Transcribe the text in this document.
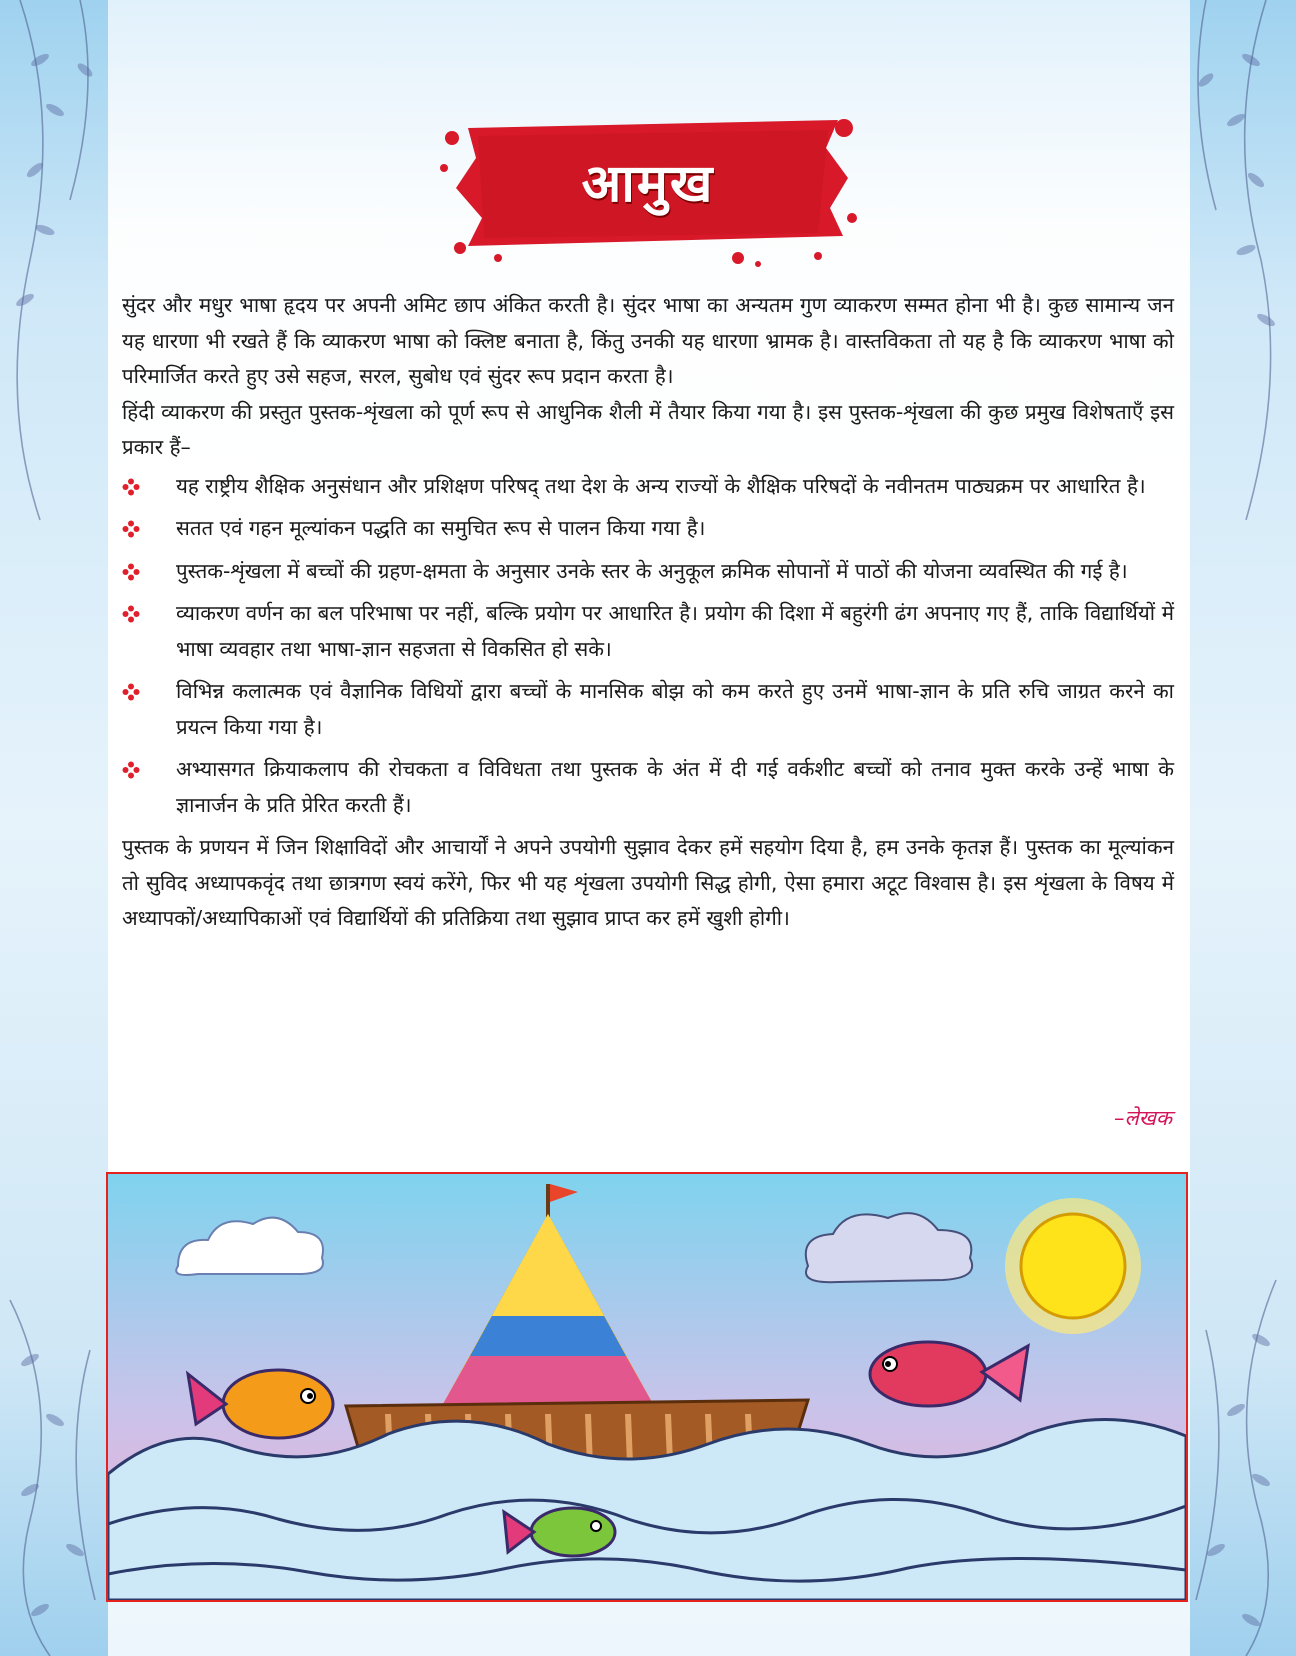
आमुख

सुंदर और मधुर भाषा हृदय पर अपनी अमिट छाप अंकित करती है। सुंदर भाषा का अन्यतम गुण व्याकरण सम्मत होना भी है। कुछ सामान्य जन यह धारणा भी रखते हैं कि व्याकरण भाषा को क्लिष्ट बनाता है, किंतु उनकी यह धारणा भ्रामक है। वास्तविकता तो यह है कि व्याकरण भाषा को परिमार्जित करते हुए उसे सहज, सरल, सुबोध एवं सुंदर रूप प्रदान करता है।

हिंदी व्याकरण की प्रस्तुत पुस्तक-शृंखला को पूर्ण रूप से आधुनिक शैली में तैयार किया गया है। इस पुस्तक-शृंखला की कुछ प्रमुख विशेषताएँ इस प्रकार हैं–

यह राष्ट्रीय शैक्षिक अनुसंधान और प्रशिक्षण परिषद् तथा देश के अन्य राज्यों के शैक्षिक परिषदों के नवीनतम पाठ्यक्रम पर आधारित है।
सतत एवं गहन मूल्यांकन पद्धति का समुचित रूप से पालन किया गया है।
पुस्तक-शृंखला में बच्चों की ग्रहण-क्षमता के अनुसार उनके स्तर के अनुकूल क्रमिक सोपानों में पाठों की योजना व्यवस्थित की गई है।
व्याकरण वर्णन का बल परिभाषा पर नहीं, बल्कि प्रयोग पर आधारित है। प्रयोग की दिशा में बहुरंगी ढंग अपनाए गए हैं, ताकि विद्यार्थियों में भाषा व्यवहार तथा भाषा-ज्ञान सहजता से विकसित हो सके।
विभिन्न कलात्मक एवं वैज्ञानिक विधियों द्वारा बच्चों के मानसिक बोझ को कम करते हुए उनमें भाषा-ज्ञान के प्रति रुचि जाग्रत करने का प्रयत्न किया गया है।
अभ्यासगत क्रियाकलाप की रोचकता व विविधता तथा पुस्तक के अंत में दी गई वर्कशीट बच्चों को तनाव मुक्त करके उन्हें भाषा के ज्ञानार्जन के प्रति प्रेरित करती हैं।

पुस्तक के प्रणयन में जिन शिक्षाविदों और आचार्यों ने अपने उपयोगी सुझाव देकर हमें सहयोग दिया है, हम उनके कृतज्ञ हैं। पुस्तक का मूल्यांकन तो सुविद अध्यापकवृंद तथा छात्रगण स्वयं करेंगे, फिर भी यह शृंखला उपयोगी सिद्ध होगी, ऐसा हमारा अटूट विश्वास है। इस शृंखला के विषय में अध्यापकों/अध्यापिकाओं एवं विद्यार्थियों की प्रतिक्रिया तथा सुझाव प्राप्त कर हमें खुशी होगी।

–लेखक
